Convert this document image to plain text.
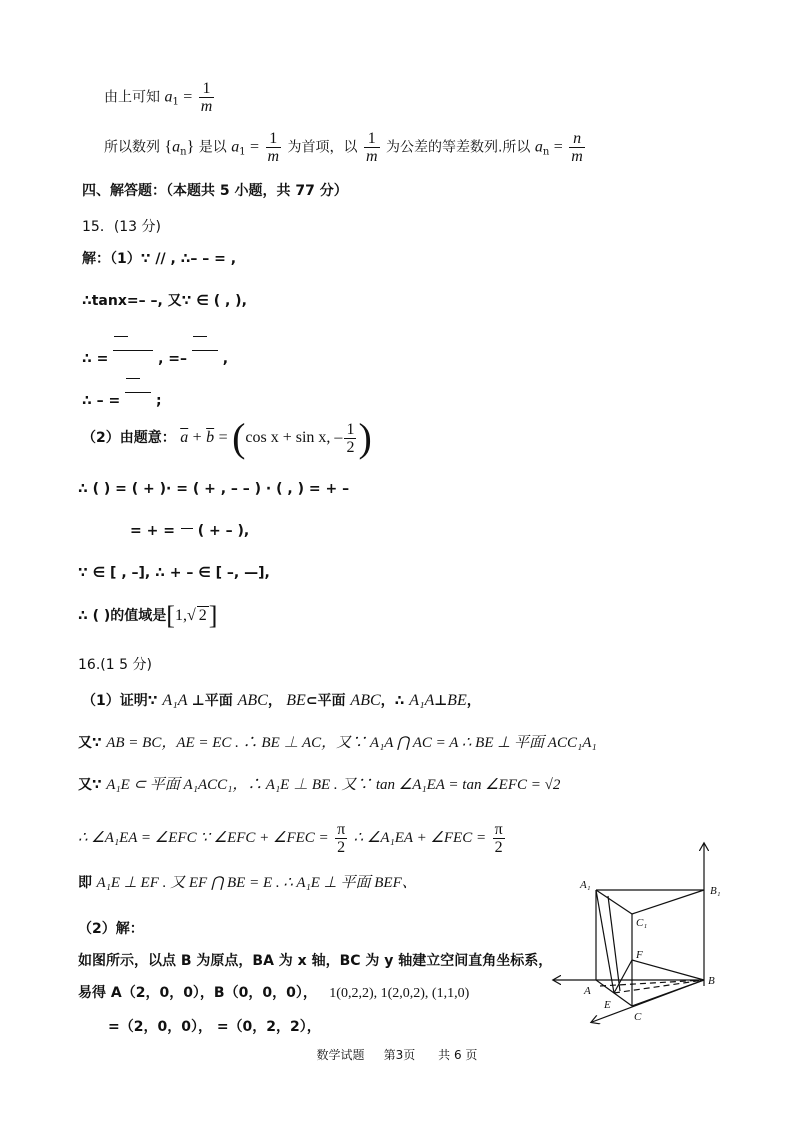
由上可知 $a_1 = \frac{1}{m}$
所以数列 $\{a_n\}$ 是以 $a_1 = \frac{1}{m}$ 为首项，以 $\frac{1}{m}$ 为公差的等差数列.所以 $a_n = \frac{n}{m}$
四、解答题：（本题共 5 小题，共 77 分）
15．(13 分)
解：（1）∵ // , ∴– – = ,
∴tanx=– –, 又∵ ∈ ( , ),
∴ =	, =–	,
∴ – =	;
（2）由题意： $\overline{a} + \overline{b} = (\cos$ x + sin x, – $\frac{1}{2}$ )
∴ ( ) = ( + )· = ( + , – – ) · ( , ) = + –
= + =  ( + – ),
∵ ∈ [ , –], ∴ + – ∈ [ –, —],
∴ ( )的值域是[1,√ 2]
16.(1 5 分)
（1）证明∵ A₁A ⊥平面 ABC， BE⊂平面 ABC，∴ A₁A⊥BE，
又∵ AB = BC，AE = EC . ∴ BE ⊥ AC，又∵ A₁A ⋂ AC = A ∴ BE ⊥ 平面 ACC₁A₁
又∵ A₁E ⊂ 平面 A₁ACC₁，∴ A₁E ⊥ BE . 又∵ tan ∠A₁EA = tan ∠EFC = √2
∴ ∠A₁EA = ∠EFC ∵ ∠EFC + ∠FEC = $\frac{\pi}{2}$ ∴ ∠A₁EA + ∠FEC = $\frac{\pi}{2}$
即 A₁E ⊥ EF . 又 EF ⋂ BE = E . ∴ A₁E ⊥ 平面 BEF、
（2）解：
如图所示，以点 B 为原点，BA 为 x 轴，BC 为 y 轴建立空间直角坐标系，
易得 A（2，0，0），B（0，0，0）， 1(0,2,2), 1(2,0,2), (1,1,0)
=（2，0，0）， =（0，2，2），
A₁	B₁
C₁
F
A
E
B
C
数学试题 第3页 共 6 页
